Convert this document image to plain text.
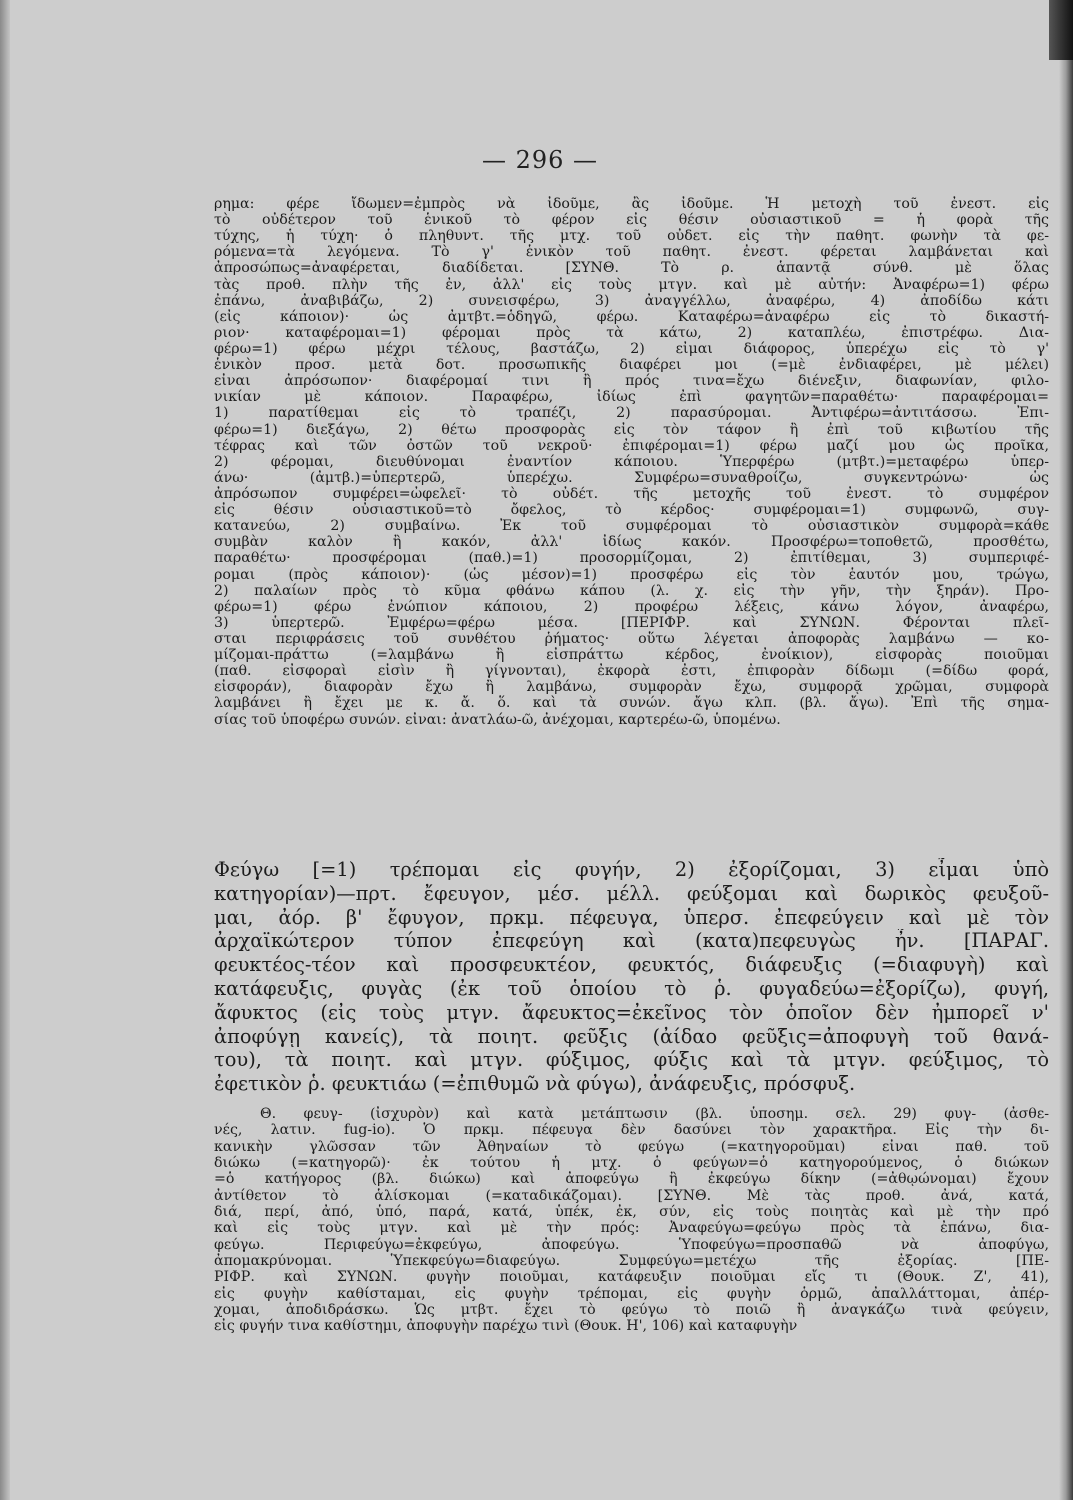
— 296 —
ρημα: φέρε ἴδωμεν=ἐμπρὸς νὰ ἰδοῦμε, ἂς ἰδοῦμε. Ἡ μετοχὴ τοῦ ἐνεστ. εἰς
τὸ οὐδέτερον τοῦ ἑνικοῦ τὸ φέρον εἰς θέσιν οὐσιαστικοῦ = ἡ φορὰ τῆς
τύχης, ἡ τύχη· ὁ πληθυντ. τῆς μτχ. τοῦ οὐδετ. εἰς τὴν παθητ. φωνὴν τὰ φε-
ρόμενα=τὰ λεγόμενα. Τὸ γ' ἑνικὸν τοῦ παθητ. ἐνεστ. φέρεται λαμβάνεται καὶ
ἀπροσώπως=ἀναφέρεται, διαδίδεται. [ΣΥΝΘ. Τὸ ρ. ἁπαντᾷ σύνθ. μὲ ὅλας
τὰς προθ. πλὴν τῆς ἐν, ἀλλ' εἰς τοὺς μτγν. καὶ μὲ αὐτήν: Ἀναφέρω=1) φέρω
ἐπάνω, ἀναβιβάζω, 2) συνεισφέρω, 3) ἀναγγέλλω, ἀναφέρω, 4) ἀποδίδω κάτι
(εἰς κάποιον)· ὡς ἀμτβτ.=ὁδηγῶ, φέρω. Καταφέρω=ἀναφέρω εἰς τὸ δικαστή-
ριον· καταφέρομαι=1) φέρομαι πρὸς τὰ κάτω, 2) καταπλέω, ἐπιστρέφω. Δια-
φέρω=1) φέρω μέχρι τέλους, βαστάζω, 2) εἶμαι διάφορος, ὑπερέχω εἰς τὸ γ'
ἑνικὸν προσ. μετὰ δοτ. προσωπικῆς διαφέρει μοι (=μὲ ἐνδιαφέρει, μὲ μέλει)
εἶναι ἀπρόσωπον· διαφέρομαί τινι ἢ πρός τινα=ἔχω διένεξιν, διαφωνίαν, φιλο-
νικίαν μὲ κάποιον. Παραφέρω, ἰδίως ἐπὶ φαγητῶν=παραθέτω· παραφέρομαι=
1) παρατίθεμαι εἰς τὸ τραπέζι, 2) παρασύρομαι. Ἀντιφέρω=ἀντιτάσσω. Ἐπι-
φέρω=1) διεξάγω, 2) θέτω προσφορὰς εἰς τὸν τάφον ἢ ἐπὶ τοῦ κιβωτίου τῆς
τέφρας καὶ τῶν ὀστῶν τοῦ νεκροῦ· ἐπιφέρομαι=1) φέρω μαζί μου ὡς προῖκα,
2) φέρομαι, διευθύνομαι ἐναντίον κάποιου. Ὑπερφέρω (μτβτ.)=μεταφέρω ὑπερ-
άνω· (ἀμτβ.)=ὑπερτερῶ, ὑπερέχω. Συμφέρω=συναθροίζω, συγκεντρώνω· ὡς
ἀπρόσωπον συμφέρει=ὠφελεῖ· τὸ οὐδέτ. τῆς μετοχῆς τοῦ ἐνεστ. τὸ συμφέρον
εἰς θέσιν οὐσιαστικοῦ=τὸ ὄφελος, τὸ κέρδος· συμφέρομαι=1) συμφωνῶ, συγ-
κατανεύω, 2) συμβαίνω. Ἐκ τοῦ συμφέρομαι τὸ οὐσιαστικὸν συμφορὰ=κάθε
συμβὰν καλὸν ἢ κακόν, ἀλλ' ἰδίως κακόν. Προσφέρω=τοποθετῶ, προσθέτω,
παραθέτω· προσφέρομαι (παθ.)=1) προσορμίζομαι, 2) ἐπιτίθεμαι, 3) συμπεριφέ-
ρομαι (πρὸς κάποιον)· (ὡς μέσον)=1) προσφέρω εἰς τὸν ἑαυτόν μου, τρώγω,
2) παλαίων πρὸς τὸ κῦμα φθάνω κάπου (λ. χ. εἰς τὴν γῆν, τὴν ξηράν). Προ-
φέρω=1) φέρω ἐνώπιον κάποιου, 2) προφέρω λέξεις, κάνω λόγον, ἀναφέρω,
3) ὑπερτερῶ. Ἐμφέρω=φέρω μέσα. [ΠΕΡΙΦΡ. καὶ ΣΥΝΩΝ. Φέρονται πλεῖ-
σται περιφράσεις τοῦ συνθέτου ῥήματος· οὕτω λέγεται ἀποφορὰς λαμβάνω — κο-
μίζομαι-πράττω (=λαμβάνω ἢ εἰσπράττω κέρδος, ἐνοίκιον), εἰσφορὰς ποιοῦμαι
(παθ. εἰσφοραὶ εἰσὶν ἢ γίγνονται), ἐκφορὰ ἐστι, ἐπιφορὰν δίδωμι (=δίδω φορά,
εἰσφοράν), διαφορὰν ἔχω ἢ λαμβάνω, συμφορὰν ἔχω, συμφορᾷ χρῶμαι, συμφορὰ
λαμβάνει ἢ ἔχει με κ. ἄ. ὅ. καὶ τὰ συνών. ἄγω κλπ. (βλ. ἄγω). Ἐπὶ τῆς σημα-
σίας τοῦ ὑποφέρω συνών. εἶναι: ἀνατλάω-ῶ, ἀνέχομαι, καρτερέω-ῶ, ὑπομένω.
Φεύγω [=1) τρέπομαι εἰς φυγήν, 2) ἐξορίζομαι, 3) εἶμαι ὑπὸ
κατηγορίαν)—πρτ. ἔφευγον, μέσ. μέλλ. φεύξομαι καὶ δωρικὸς φευξοῦ-
μαι, ἀόρ. β' ἔφυγον, πρκμ. πέφευγα, ὑπερσ. ἐπεφεύγειν καὶ μὲ τὸν
ἀρχαϊκώτερον τύπον ἐπεφεύγη καὶ (κατα)πεφευγὼς ἦν. [ΠΑΡΑΓ.
φευκτέος-τέον καὶ προσφευκτέον, φευκτός, διάφευξις (=διαφυγὴ) καὶ
κατάφευξις, φυγὰς (ἐκ τοῦ ὁποίου τὸ ῥ. φυγαδεύω=ἐξορίζω), φυγή,
ἄφυκτος (εἰς τοὺς μτγν. ἄφευκτος=ἐκεῖνος τὸν ὁποῖον δὲν ἠμπορεῖ ν'
ἀποφύγῃ κανείς), τὰ ποιητ. φεῦξις (ἀίδαο φεῦξις=ἀποφυγὴ τοῦ θανά-
του), τὰ ποιητ. καὶ μτγν. φύξιμος, φύξις καὶ τὰ μτγν. φεύξιμος, τὸ
ἐφετικὸν ῥ. φευκτιάω (=ἐπιθυμῶ νὰ φύγω), ἀνάφευξις, πρόσφυξ.
Θ. φευγ- (ἰσχυρὸν) καὶ κατὰ μετάπτωσιν (βλ. ὑποσημ. σελ. 29) φυγ- (ἀσθε-
νές, λατιν. fug-io). Ὁ πρκμ. πέφευγα δὲν δασύνει τὸν χαρακτῆρα. Εἰς τὴν δι-
κανικὴν γλῶσσαν τῶν Ἀθηναίων τὸ φεύγω (=κατηγοροῦμαι) εἶναι παθ. τοῦ
διώκω (=κατηγορῶ)· ἐκ τούτου ἡ μτχ. ὁ φεύγων=ὁ κατηγορούμενος, ὁ διώκων
=ὁ κατήγορος (βλ. διώκω) καὶ ἀποφεύγω ἢ ἐκφεύγω δίκην (=ἀθῳώνομαι) ἔχουν
ἀντίθετον τὸ ἁλίσκομαι (=καταδικάζομαι). [ΣΥΝΘ. Μὲ τὰς προθ. ἀνά, κατά,
διά, περί, ἀπό, ὑπό, παρά, κατά, ὑπέκ, ἐκ, σύν, εἰς τοὺς ποιητὰς καὶ μὲ τὴν πρό
καὶ εἰς τοὺς μτγν. καὶ μὲ τὴν πρός: Ἀναφεύγω=φεύγω πρὸς τὰ ἐπάνω, δια-
φεύγω. Περιφεύγω=ἐκφεύγω, ἀποφεύγω. Ὑποφεύγω=προσπαθῶ νὰ ἀποφύγω,
ἀπομακρύνομαι. Ὑπεκφεύγω=διαφεύγω. Συμφεύγω=μετέχω τῆς ἐξορίας. [ΠΕ-
ΡΙΦΡ. καὶ ΣΥΝΩΝ. φυγὴν ποιοῦμαι, κατάφευξιν ποιοῦμαι εἴς τι (Θουκ. Ζ', 41),
εἰς φυγὴν καθίσταμαι, εἰς φυγὴν τρέπομαι, εἰς φυγὴν ὁρμῶ, ἀπαλλάττομαι, ἀπέρ-
χομαι, ἀποδιδράσκω. Ὡς μτβτ. ἔχει τὸ φεύγω τὸ ποιῶ ἢ ἀναγκάζω τινὰ φεύγειν,
εἰς φυγήν τινα καθίστημι, ἀποφυγὴν παρέχω τινὶ (Θουκ. Η', 106) καὶ καταφυγὴν
